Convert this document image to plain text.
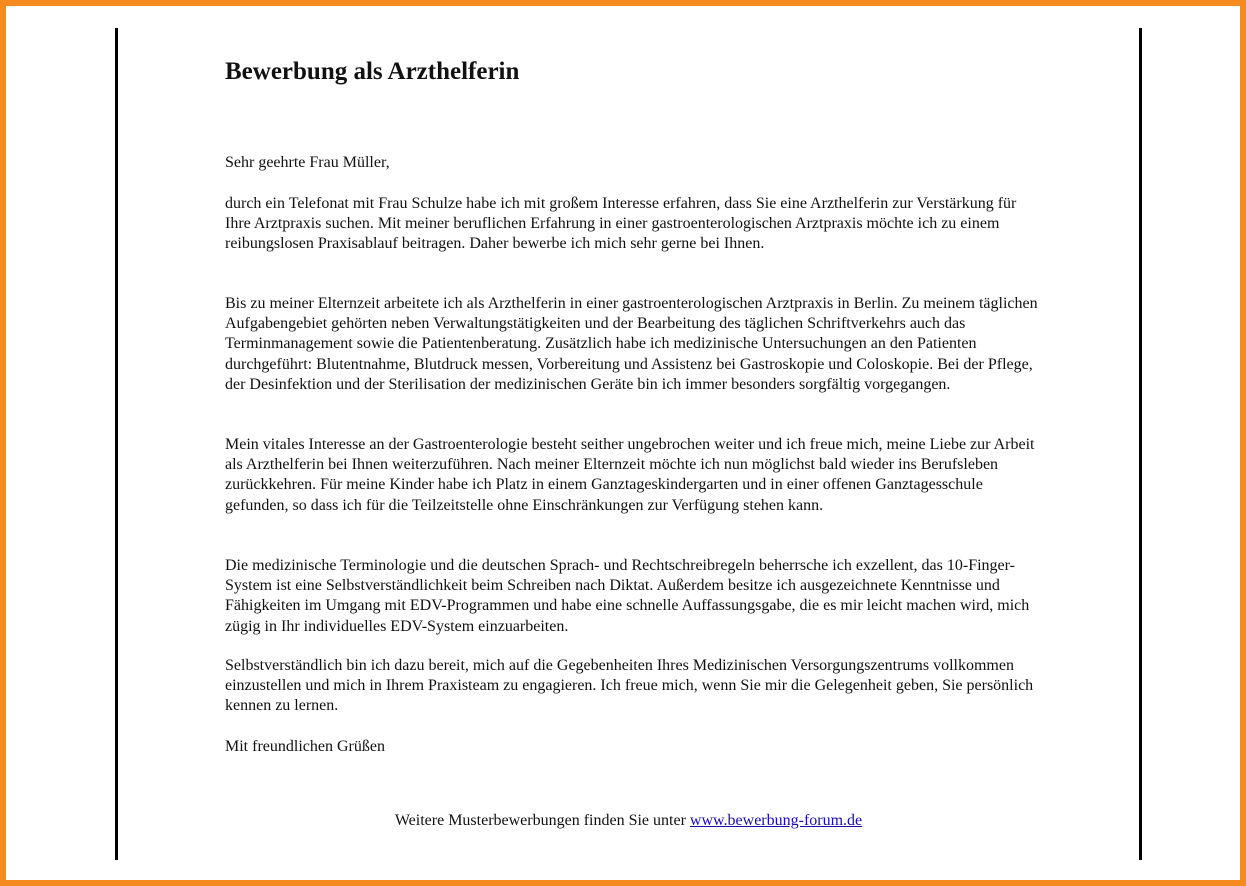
Bewerbung als Arzthelferin

Sehr geehrte Frau Müller,

durch ein Telefonat mit Frau Schulze habe ich mit großem Interesse erfahren, dass Sie eine Arzthelferin zur Verstärkung für Ihre Arztpraxis suchen. Mit meiner beruflichen Erfahrung in einer gastroenterologischen Arztpraxis möchte ich zu einem reibungslosen Praxisablauf beitragen. Daher bewerbe ich mich sehr gerne bei Ihnen.

Bis zu meiner Elternzeit arbeitete ich als Arzthelferin in einer gastroenterologischen Arztpraxis in Berlin. Zu meinem täglichen Aufgabengebiet gehörten neben Verwaltungstätigkeiten und der Bearbeitung des täglichen Schriftverkehrs auch das Terminmanagement sowie die Patientenberatung. Zusätzlich habe ich medizinische Untersuchungen an den Patienten durchgeführt: Blutentnahme, Blutdruck messen, Vorbereitung und Assistenz bei Gastroskopie und Coloskopie. Bei der Pflege, der Desinfektion und der Sterilisation der medizinischen Geräte bin ich immer besonders sorgfältig vorgegangen.

Mein vitales Interesse an der Gastroenterologie besteht seither ungebrochen weiter und ich freue mich, meine Liebe zur Arbeit als Arzthelferin bei Ihnen weiterzuführen. Nach meiner Elternzeit möchte ich nun möglichst bald wieder ins Berufsleben zurückkehren. Für meine Kinder habe ich Platz in einem Ganztageskindergarten und in einer offenen Ganztagesschule gefunden, so dass ich für die Teilzeitstelle ohne Einschränkungen zur Verfügung stehen kann.

Die medizinische Terminologie und die deutschen Sprach- und Rechtschreibregeln beherrsche ich exzellent, das 10-Finger-System ist eine Selbstverständlichkeit beim Schreiben nach Diktat. Außerdem besitze ich ausgezeichnete Kenntnisse und Fähigkeiten im Umgang mit EDV-Programmen und habe eine schnelle Auffassungsgabe, die es mir leicht machen wird, mich zügig in Ihr individuelles EDV-System einzuarbeiten.

Selbstverständlich bin ich dazu bereit, mich auf die Gegebenheiten Ihres Medizinischen Versorgungszentrums vollkommen einzustellen und mich in Ihrem Praxisteam zu engagieren. Ich freue mich, wenn Sie mir die Gelegenheit geben, Sie persönlich kennen zu lernen.

Mit freundlichen Grüßen

Weitere Musterbewerbungen finden Sie unter www.bewerbung-forum.de
